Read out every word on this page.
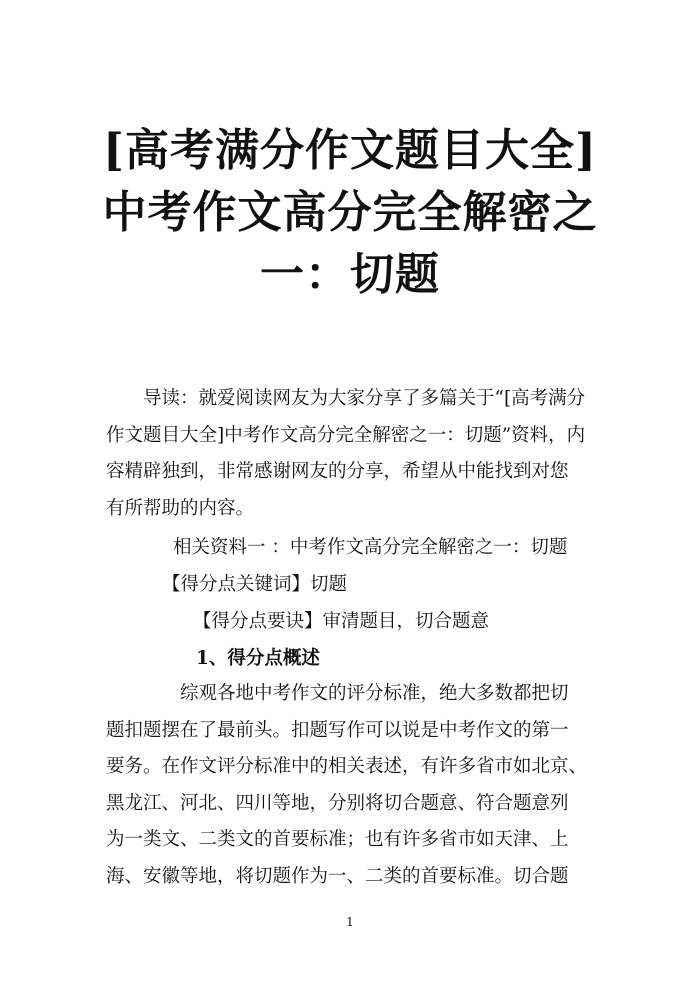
[高考满分作文题目大全]
中考作文高分完全解密之
一：切题
导读：就爱阅读网友为大家分享了多篇关于“[高考满分
作文题目大全]中考作文高分完全解密之一：切题”资料，内
容精辟独到，非常感谢网友的分享，希望从中能找到对您
有所帮助的内容。
相关资料一 ：中考作文高分完全解密之一：切题
【得分点关键词】切题
【得分点要诀】审清题目，切合题意
1、得分点概述
综观各地中考作文的评分标准，绝大多数都把切
题扣题摆在了最前头。扣题写作可以说是中考作文的第一
要务。在作文评分标准中的相关表述，有许多省市如北京、
黑龙江、河北、四川等地，分别将切合题意、符合题意列
为一类文、二类文的首要标准；也有许多省市如天津、上
海、安徽等地，将切题作为一、二类的首要标准。切合题
1
